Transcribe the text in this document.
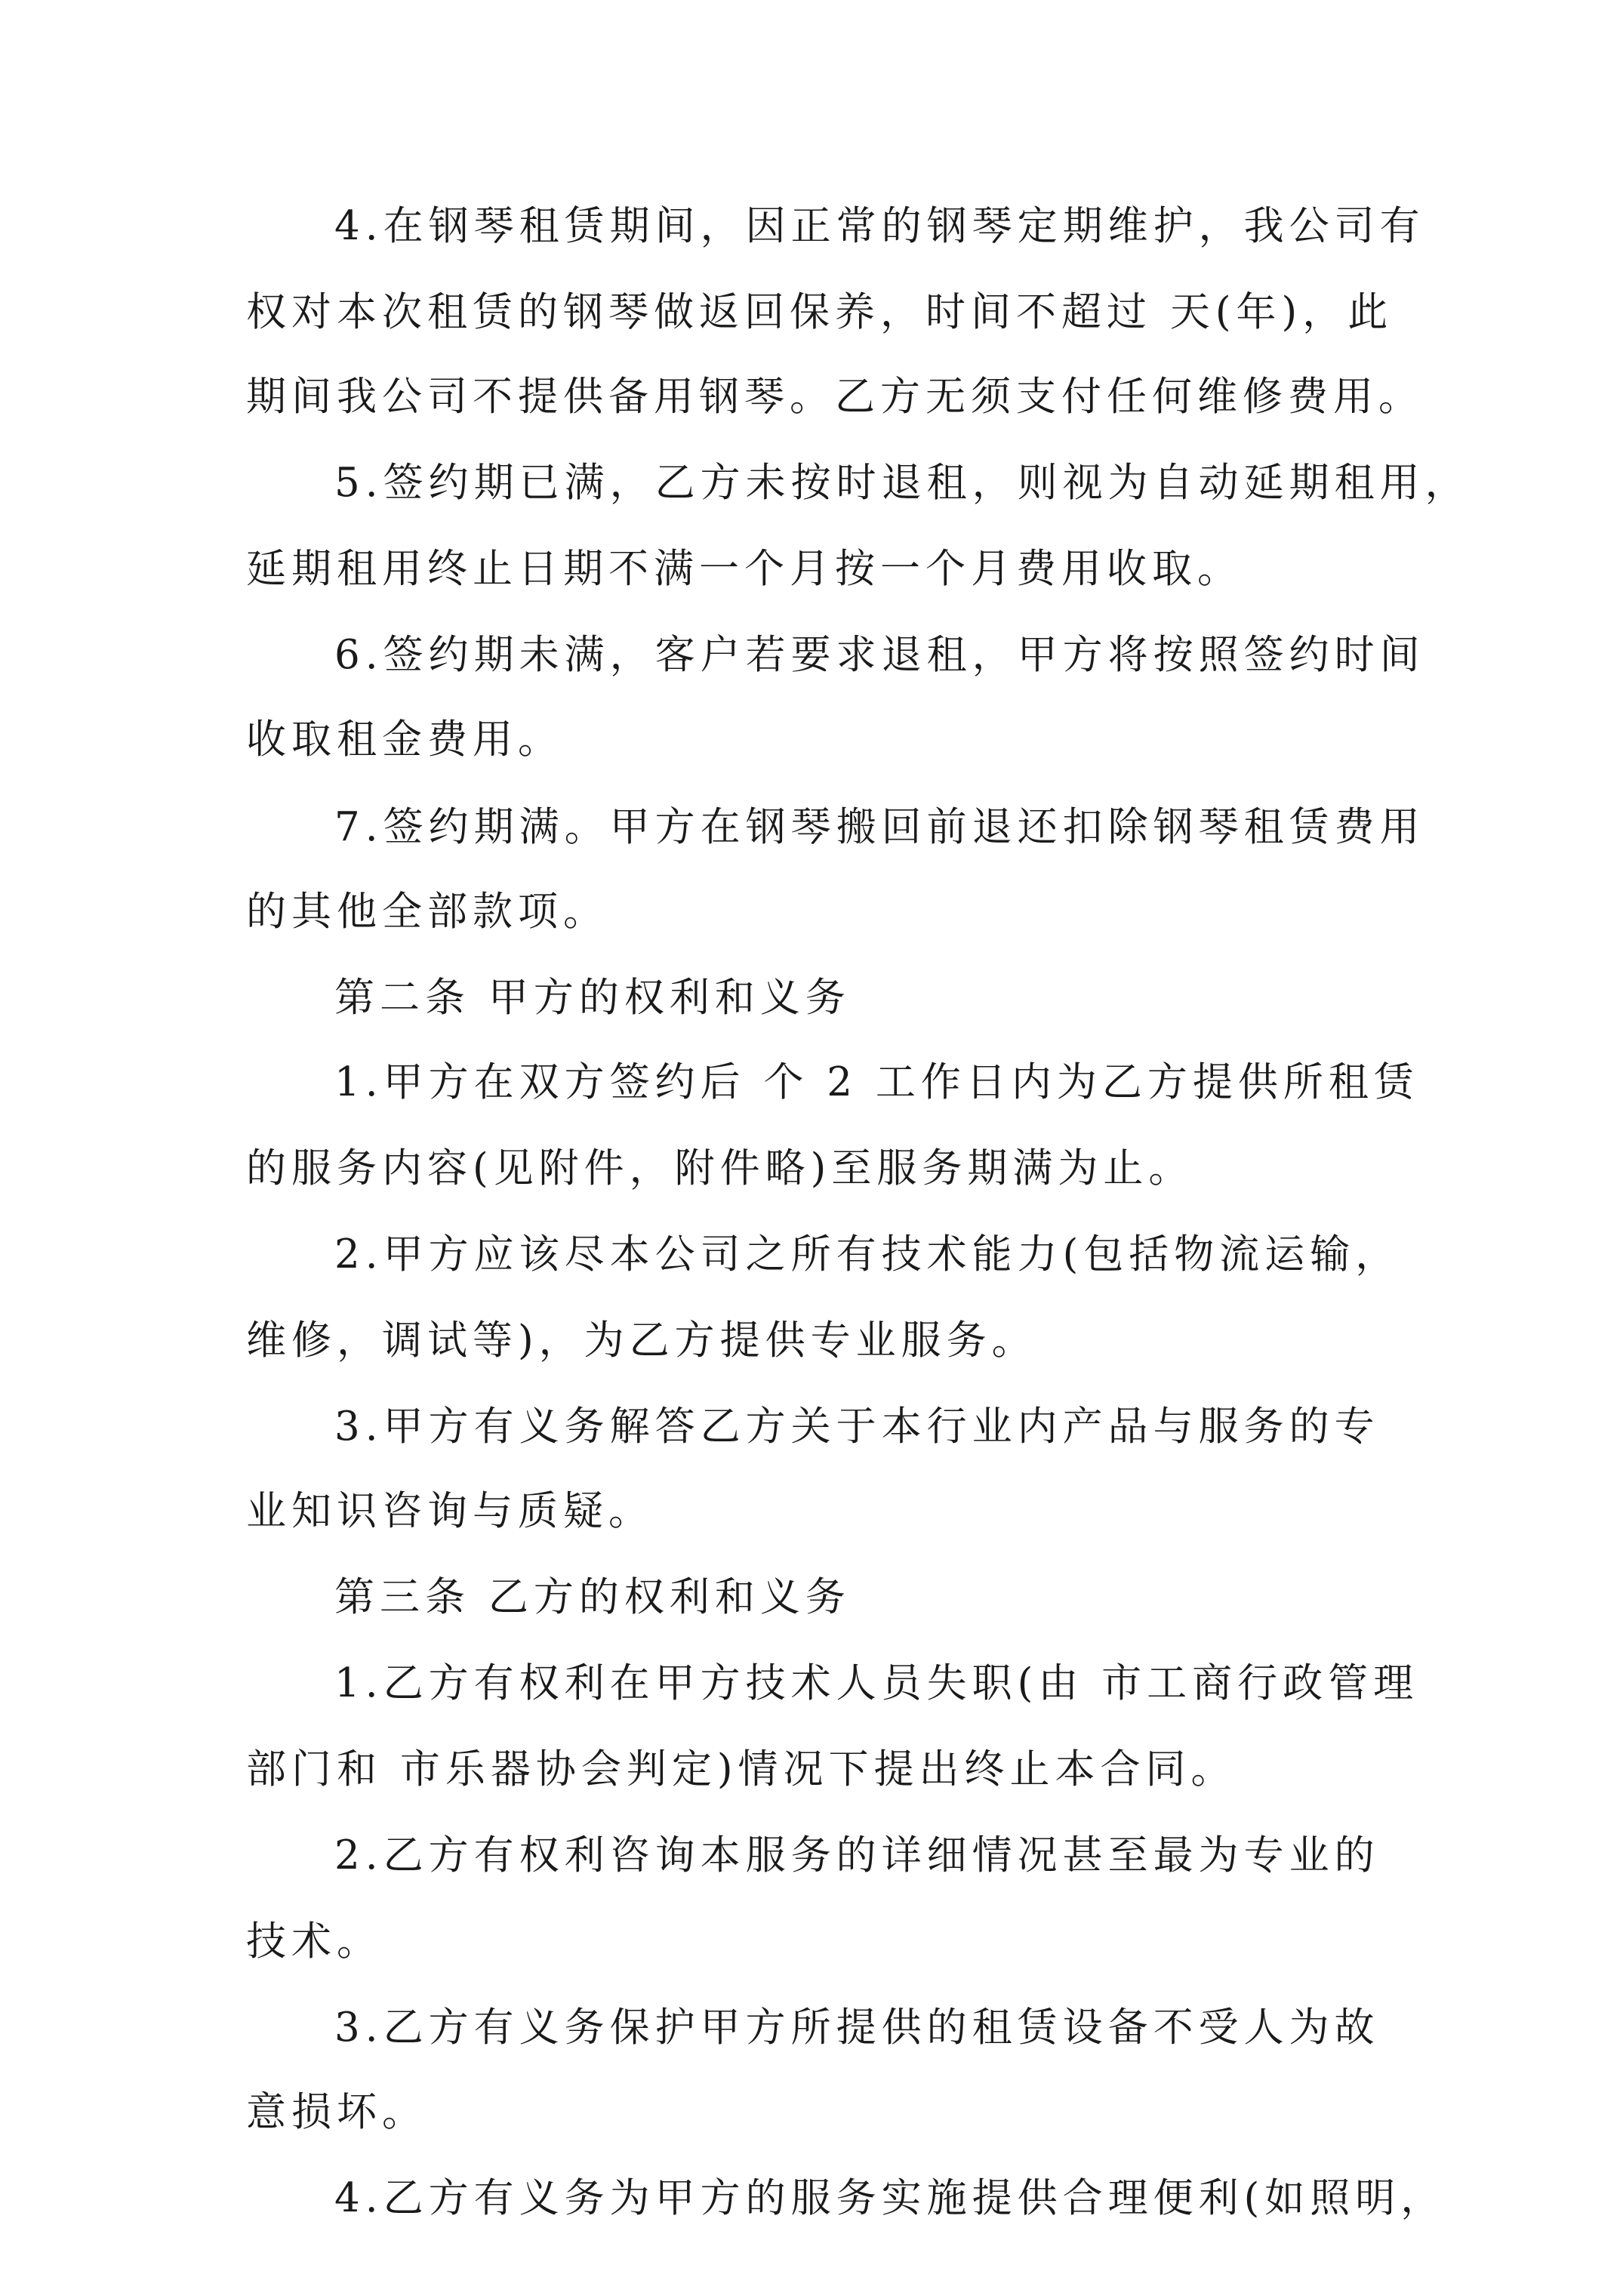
4.在钢琴租赁期间，因正常的钢琴定期维护，我公司有
权对本次租赁的钢琴做返回保养，时间不超过 天(年)，此
期间我公司不提供备用钢琴。乙方无须支付任何维修费用。
5.签约期已满，乙方未按时退租，则视为自动延期租用，
延期租用终止日期不满一个月按一个月费用收取。
6.签约期未满，客户若要求退租，甲方将按照签约时间
收取租金费用。
7.签约期满。甲方在钢琴搬回前退还扣除钢琴租赁费用
的其他全部款项。
第二条 甲方的权利和义务
1.甲方在双方签约后 个 2 工作日内为乙方提供所租赁
的服务内容(见附件，附件略)至服务期满为止。
2.甲方应该尽本公司之所有技术能力(包括物流运输，
维修，调试等)，为乙方提供专业服务。
3.甲方有义务解答乙方关于本行业内产品与服务的专
业知识咨询与质疑。
第三条 乙方的权利和义务
1.乙方有权利在甲方技术人员失职(由 市工商行政管理
部门和 市乐器协会判定)情况下提出终止本合同。
2.乙方有权利咨询本服务的详细情况甚至最为专业的
技术。
3.乙方有义务保护甲方所提供的租赁设备不受人为故
意损坏。
4.乙方有义务为甲方的服务实施提供合理便利(如照明，
